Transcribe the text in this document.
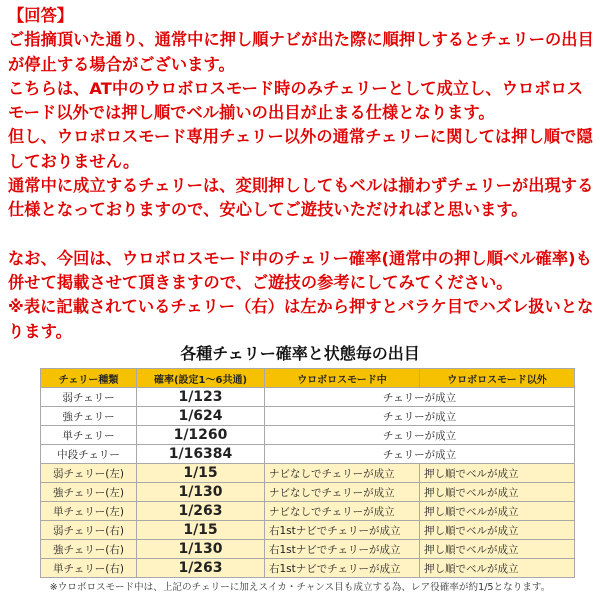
【回答】

ご指摘頂いた通り、通常中に押し順ナビが出た際に順押しするとチェリーの出目が停止する場合がございます。

こちらは、AT中のウロボロスモード時のみチェリーとして成立し、ウロボロスモード以外では押し順でベル揃いの出目が止まる仕様となります。

但し、ウロボロスモード専用チェリー以外の通常チェリーに関しては押し順で隠しておりません。

通常中に成立するチェリーは、変則押ししてもベルは揃わずチェリーが出現する仕様となっておりますので、安心してご遊技いただければと思います。

なお、今回は、ウロボロスモード中のチェリー確率(通常中の押し順ベル確率)も併せて掲載させて頂きますので、ご遊技の参考にしてみてください。

※表に記載されているチェリー（右）は左から押すとバラケ目でハズレ扱いとなります。

各種チェリー確率と状態毎の出目
チェリー種類	確率(設定1〜6共通)	ウロボロスモード中	ウロボロスモード以外
弱チェリー	1/123	チェリーが成立	
強チェリー	1/624	チェリーが成立	
単チェリー	1/1260	チェリーが成立	
中段チェリー	1/16384	チェリーが成立	
弱チェリー(左)	1/15	ナビなしでチェリーが成立	押し順でベルが成立
強チェリー(左)	1/130	ナビなしでチェリーが成立	押し順でベルが成立
単チェリー(左)	1/263	ナビなしでチェリーが成立	押し順でベルが成立
弱チェリー(右)	1/15	右1stナビでチェリーが成立	押し順でベルが成立
強チェリー(右)	1/130	右1stナビでチェリーが成立	押し順でベルが成立
単チェリー(右)	1/263	右1stナビでチェリーが成立	押し順でベルが成立
※ウロボロスモード中は、上記のチェリーに加えスイカ・チャンス目も成立する為、レア役確率が約1/5となります。
